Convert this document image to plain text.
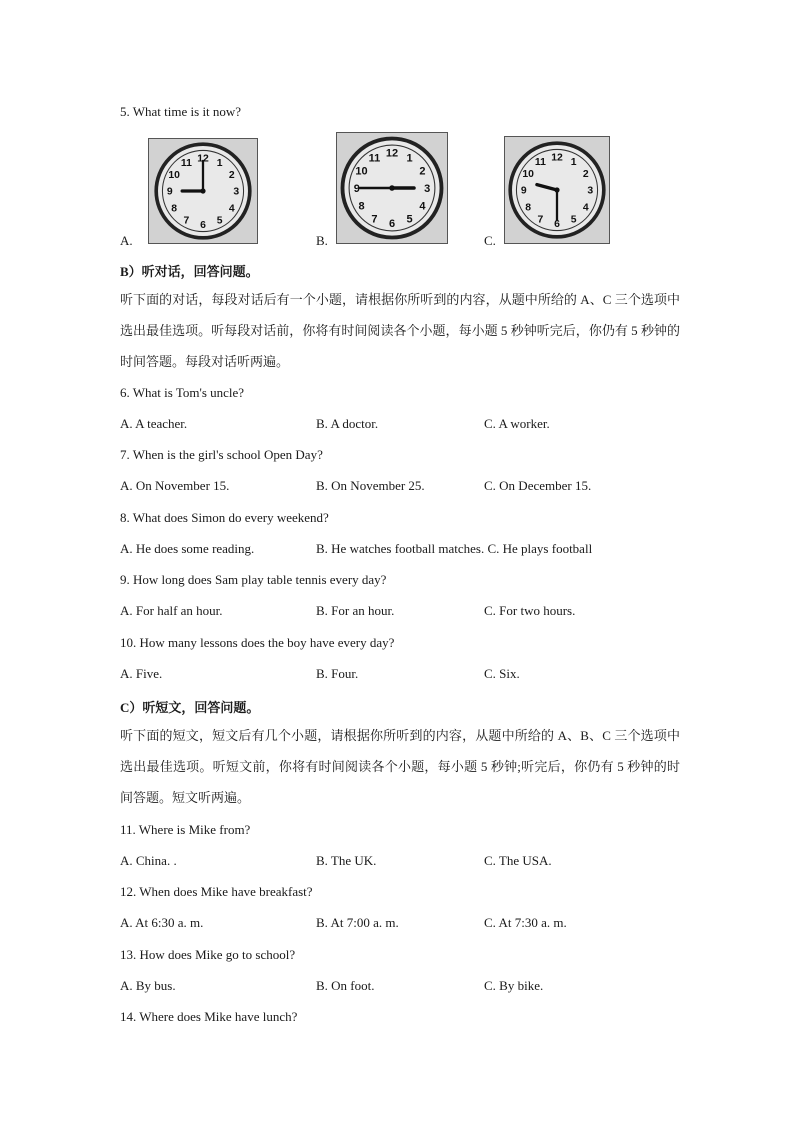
5. What time is it now?
12 1
2
3
4
5
6
7
8
9
10
11
A.
12 1
2
3
4
5
6
7
8
9
10
11
B.
12 1
2
3
4
5
6
7
8
9
10
11
C.
B）听对话，回答问题。
听下面的对话，每段对话后有一个小题，请根据你所听到的内容，从题中所给的 A、C 三个选项中选出最佳选项。听每段对话前，你将有时间阅读各个小题，每小题 5 秒钟听完后，你仍有 5 秒钟的时间答题。每段对话听两遍。
6. What is Tom's uncle?
A. A teacher.	B. A doctor.	C. A worker.
7. When is the girl's school Open Day?
A. On November 15.	B. On November 25.	C. On December 15.
8. What does Simon do every weekend?
A. He does some reading.	B. He watches football matches. C. He plays football
9. How long does Sam play table tennis every day?
A. For half an hour.	B. For an hour.	C. For two hours.
10. How many lessons does the boy have every day?
A. Five.	B. Four.	C. Six.
C）听短文，回答问题。
听下面的短文，短文后有几个小题，请根据你所听到的内容，从题中所给的 A、B、C 三个选项中选出最佳选项。听短文前，你将有时间阅读各个小题，每小题 5 秒钟;听完后，你仍有 5 秒钟的时间答题。短文听两遍。
11. Where is Mike from?
A. China. .	B. The UK.	C. The USA.
12. When does Mike have breakfast?
A. At 6:30 a. m.	B. At 7:00 a. m.	C. At 7:30 a. m.
13. How does Mike go to school?
A. By bus.	B. On foot.	C. By bike.
14. Where does Mike have lunch?
